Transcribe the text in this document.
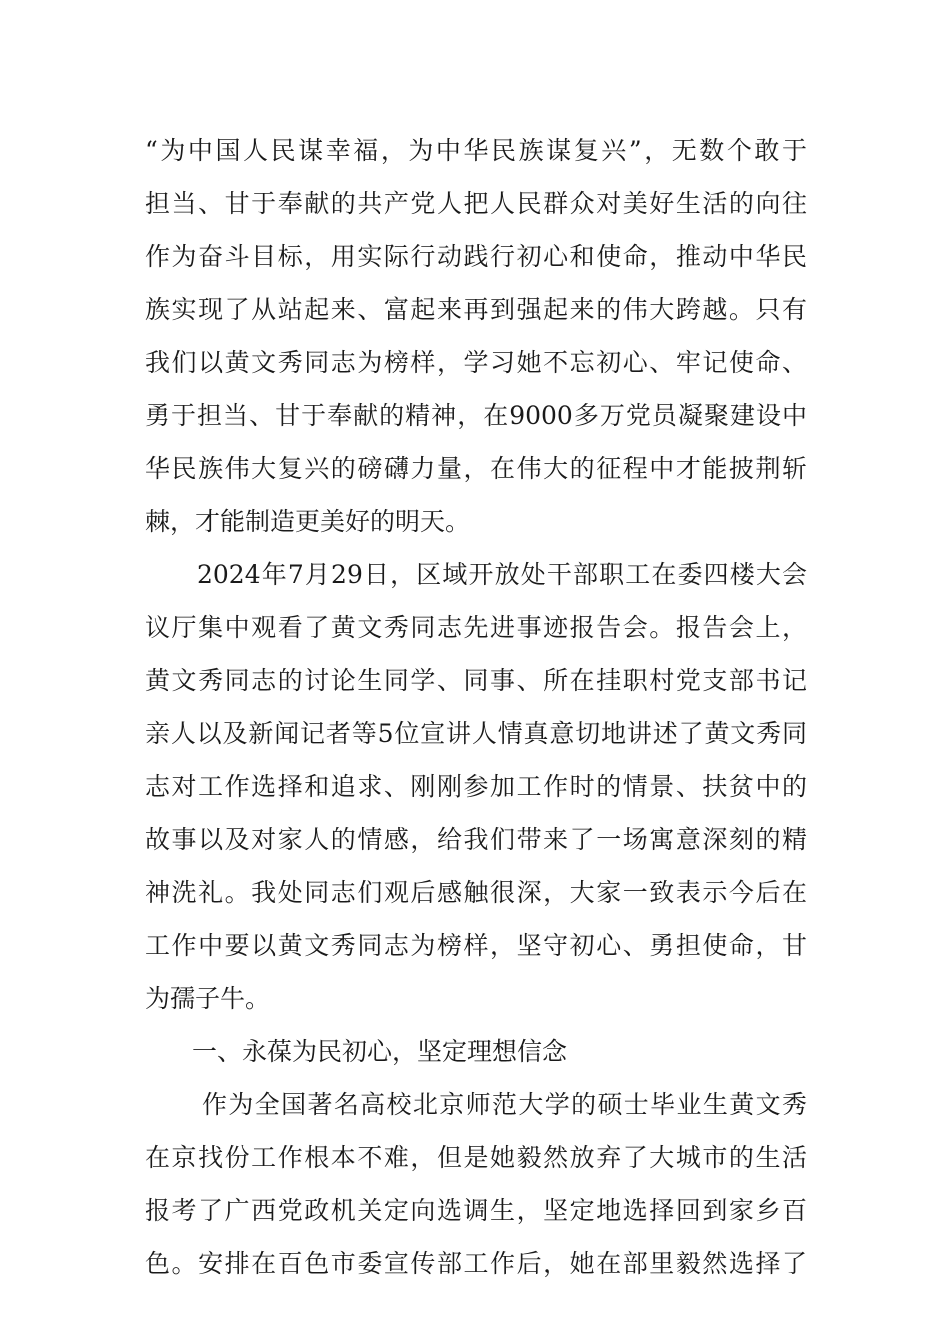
“为中国人民谋幸福，为中华民族谋复兴”，无数个敢于
担当、甘于奉献的共产党人把人民群众对美好生活的向往
作为奋斗目标，用实际行动践行初心和使命，推动中华民
族实现了从站起来、富起来再到强起来的伟大跨越。只有
我们以黄文秀同志为榜样，学习她不忘初心、牢记使命、
勇于担当、甘于奉献的精神，在9000多万党员凝聚建设中
华民族伟大复兴的磅礴力量，在伟大的征程中才能披荆斩
棘，才能制造更美好的明天。
2024年7月29日，区域开放处干部职工在委四楼大会
议厅集中观看了黄文秀同志先进事迹报告会。报告会上，
黄文秀同志的讨论生同学、同事、所在挂职村党支部书记
亲人以及新闻记者等5位宣讲人情真意切地讲述了黄文秀同
志对工作选择和追求、刚刚参加工作时的情景、扶贫中的
故事以及对家人的情感，给我们带来了一场寓意深刻的精
神洗礼。我处同志们观后感触很深，大家一致表示今后在
工作中要以黄文秀同志为榜样，坚守初心、勇担使命，甘
为孺子牛。
一、永葆为民初心，坚定理想信念
作为全国著名高校北京师范大学的硕士毕业生黄文秀
在京找份工作根本不难，但是她毅然放弃了大城市的生活
报考了广西党政机关定向选调生，坚定地选择回到家乡百
色。安排在百色市委宣传部工作后，她在部里毅然选择了
